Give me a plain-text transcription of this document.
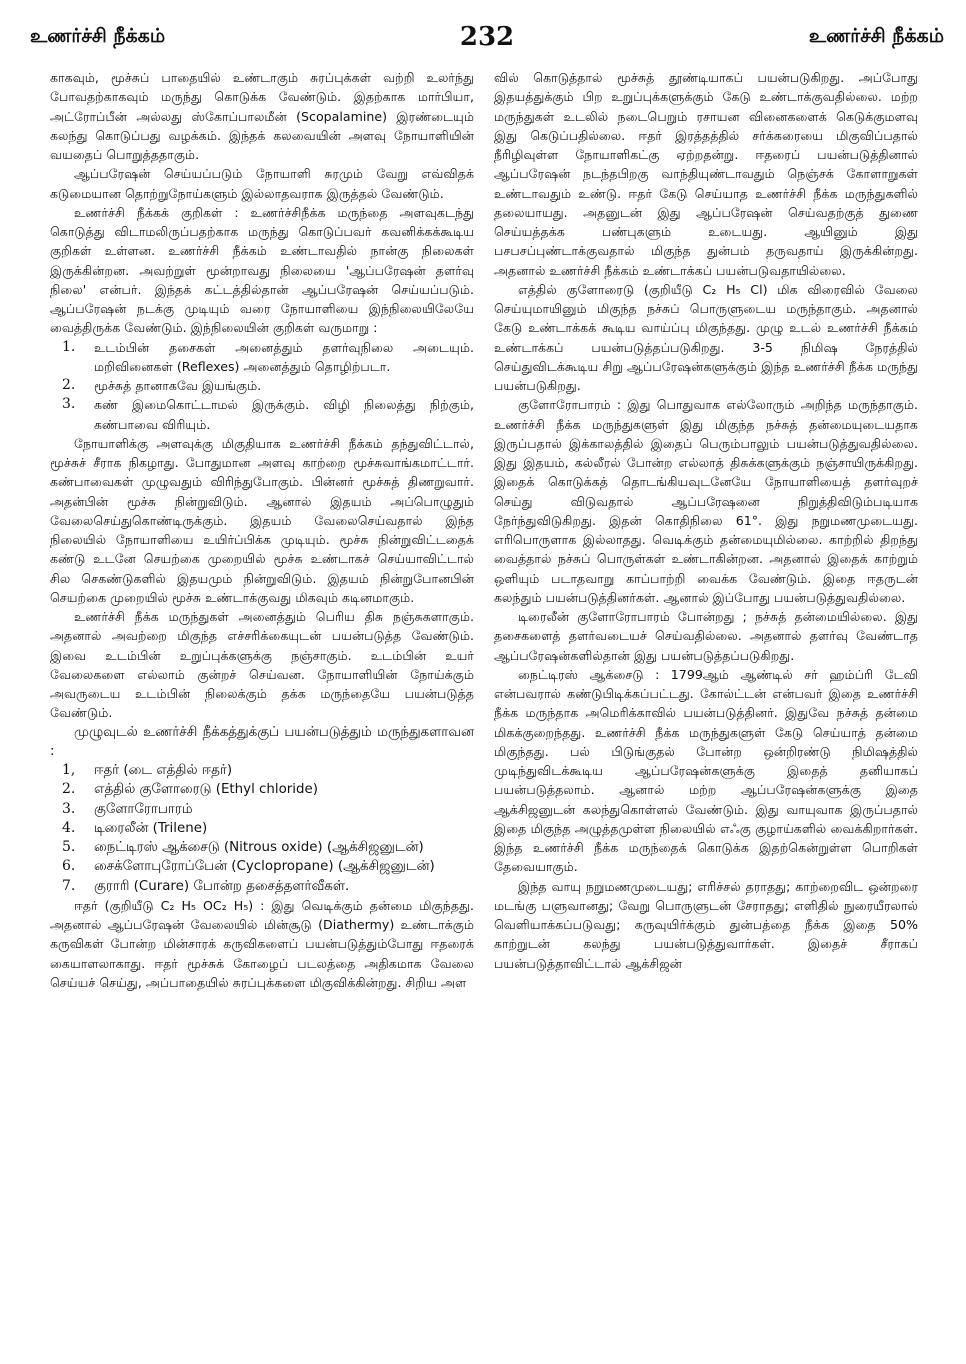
உணர்ச்சி நீக்கம்	232	உணர்ச்சி நீக்கம்

காகவும், மூச்சுப் பாதையில் உண்டாகும் சுரப்புக்கள் வற்றி உலர்ந்து போவதற்காகவும் மருந்து கொடுக்க வேண்டும். இதற்காக மார்பியா, அட்ரோப்பீன் அல்லது ஸ்கோப்பாலமீன் (Scopalamine) இரண்டையும் கலந்து கொடுப்பது வழக்கம். இந்தக் கலவையின் அளவு நோயாளியின் வயதைப் பொறுத்ததாகும்.

ஆப்பரேஷன் செய்யப்படும் நோயாளி சுரமும் வேறு எவ்விதக் கடுமையான தொற்றுநோய்களும் இல்லாதவராக இருத்தல் வேண்டும்.

உணர்ச்சி நீக்கக் குறிகள் : உணர்ச்சிநீக்க மருந்தை அளவுகடந்து கொடுத்து விடாமலிருப்பதற்காக மருந்து கொடுப்பவர் கவனிக்கக்கூடிய குறிகள் உள்ளன. உணர்ச்சி நீக்கம் உண்டாவதில் நான்கு நிலைகள் இருக்கின்றன. அவற்றுள் மூன்றாவது நிலையை 'ஆப்பரேஷன் தளர்வு நிலை' என்பர். இந்தக் கட்டத்தில்தான் ஆப்பரேஷன் செய்யப்படும். ஆப்பரேஷன் நடக்கு முடியும் வரை நோயாளியை இந்நிலையிலேயே வைத்திருக்க வேண்டும். இந்நிலையின் குறிகள் வருமாறு :

1.	உடம்பின் தசைகள் அனைத்தும் தளர்வுநிலை அடையும். மறிவினைகள் (Reflexes) அனைத்தும் தொழிற்படா.
2.	மூச்சுத் தானாகவே இயங்கும்.
3.	கண் இமைகொட்டாமல் இருக்கும். விழி நிலைத்து நிற்கும், கண்பாவை விரியும்.

நோயாளிக்கு அளவுக்கு மிகுதியாக உணர்ச்சி நீக்கம் தந்துவிட்டால், மூச்சுச் சீராக நிகழாது. போதுமான அளவு காற்றை மூச்சுவாங்கமாட்டார். கண்பாவைகள் முழுவதும் விரிந்துபோகும். பின்னர் மூச்சுத் திணறுவார். அதன்பின் மூச்சு நின்றுவிடும். ஆனால் இதயம் அப்பொழுதும் வேலைசெய்துகொண்டிருக்கும். இதயம் வேலைசெய்வதால் இந்த நிலையில் நோயாளியை உயிர்ப்பிக்க முடியும். மூச்சு நின்றுவிட்டதைக் கண்டு உடனே செயற்கை முறையில் மூச்சு உண்டாகச் செய்யாவிட்டால் சில செகண்டுகளில் இதயமும் நின்றுவிடும். இதயம் நின்றுபோனபின் செயற்கை முறையில் மூச்சு உண்டாக்குவது மிகவும் கடினமாகும்.

உணர்ச்சி நீக்க மருந்துகள் அனைத்தும் பெரிய திசு நஞ்சுகளாகும். அதனால் அவற்றை மிகுந்த எச்சரிக்கையுடன் பயன்படுத்த வேண்டும். இவை உடம்பின் உறுப்புக்களுக்கு நஞ்சாகும். உடம்பின் உயர் வேலைகளை எல்லாம் குன்றச் செய்வன. நோயாளியின் நோய்க்கும் அவருடைய உடம்பின் நிலைக்கும் தக்க மருந்தையே பயன்படுத்த வேண்டும்.

முழுவுடல் உணர்ச்சி நீக்கத்துக்குப் பயன்படுத்தும் மருந்துகளாவன :

1,	ஈதர் (டை எத்தில் ஈதர்)
2.	எத்தில் குளோரைடு (Ethyl chloride)
3.	குளோரோபாரம்
4.	டிரைலீன் (Trilene)
5.	நைட்டிரஸ் ஆக்சைடு (Nitrous oxide) (ஆக்சிஜனுடன்)
6.	சைக்ளோபுரோப்பேன் (Cyclopropane) (ஆக்சிஜனுடன்)
7.	குராரி (Curare) போன்ற தசைத்தளர்வீகள்.

ஈதர் (குறியீடு C₂ H₅ OC₂ H₅) : இது வெடிக்கும் தன்மை மிகுந்தது. அதனால் ஆப்பரேஷன் வேலையில் மின்சூடு (Diathermy) உண்டாக்கும் கருவிகள் போன்ற மின்சாரக் கருவிகளைப் பயன்படுத்தும்போது ஈதரைக் கையாளலாகாது. ஈதர் மூச்சுக் கோழைப் படலத்தை அதிகமாக வேலை செய்யச் செய்து, அப்பாதையில் சுரப்புக்களை மிகுவிக்கின்றது. சிறிய அள

வில் கொடுத்தால் மூச்சுத் தூண்டியாகப் பயன்படுகிறது. அப்போது இதயத்துக்கும் பிற உறுப்புக்களுக்கும் கேடு உண்டாக்குவதில்லை. மற்ற மருந்துகள் உடலில் நடைபெறும் ரசாயன வினைகளைக் கெடுக்குமளவு இது கெடுப்பதில்லை. ஈதர் இரத்தத்தில் சர்க்கரையை மிகுவிப்பதால் நீரிழிவுள்ள நோயாளிகட்கு ஏற்றதன்று. ஈதரைப் பயன்படுத்தினால் ஆப்பரேஷன் நடந்தபிறகு வாந்தியுண்டாவதும் நெஞ்சக் கோளாறுகள் உண்டாவதும் உண்டு. ஈதர் கேடு செய்யாத உணர்ச்சி நீக்க மருந்துகளில் தலையாயது. அதனுடன் இது ஆப்பரேஷன் செய்வதற்குத் துணை செய்யத்தக்க பண்புகளும் உடையது. ஆயினும் இது பசபசப்புண்டாக்குவதால் மிகுந்த துன்பம் தருவதாய் இருக்கின்றது. அதனால் உணர்ச்சி நீக்கம் உண்டாக்கப் பயன்படுவதாயில்லை.

எத்தில் குளோரைடு (குறியீடு C₂ H₅ Cl) மிக விரைவில் வேலை செய்யுமாயினும் மிகுந்த நச்சுப் பொருளுடைய மருந்தாகும். அதனால் கேடு உண்டாக்கக் கூடிய வாய்ப்பு மிகுந்தது. முழு உடல் உணர்ச்சி நீக்கம் உண்டாக்கப் பயன்படுத்தப்படுகிறது. 3-5 நிமிஷ நேரத்தில் செய்துவிடக்கூடிய சிறு ஆப்பரேஷன்களுக்கும் இந்த உணர்ச்சி நீக்க மருந்து பயன்படுகிறது.

குளோரோபாரம் : இது பொதுவாக எல்லோரும் அறிந்த மருந்தாகும். உணர்ச்சி நீக்க மருந்துகளுள் இது மிகுந்த நச்சுத் தன்மையுடையதாக இருப்பதால் இக்காலத்தில் இதைப் பெரும்பாலும் பயன்படுத்துவதில்லை. இது இதயம், கல்லீரல் போன்ற எல்லாத் திசுக்களுக்கும் நஞ்சாயிருக்கிறது. இதைக் கொடுக்கத் தொடங்கியவுடனேயே நோயாளியைத் தளர்வுறச் செய்து விடுவதால் ஆப்பரேஷனை நிறுத்திவிடும்படியாக நேர்ந்துவிடுகிறது. இதன் கொதிநிலை 61°. இது நறுமணமுடையது. எரிபொருளாக இல்லாதது. வெடிக்கும் தன்மையுமில்லை. காற்றில் திறந்து வைத்தால் நச்சுப் பொருள்கள் உண்டாகின்றன. அதனால் இதைக் காற்றும் ஒளியும் படாதவாறு காப்பாற்றி வைக்க வேண்டும். இதை ஈதருடன் கலந்தும் பயன்படுத்தினர்கள். ஆனால் இப்போது பயன்படுத்துவதில்லை.

டிரைலீன் குளோரோபாரம் போன்றது ; நச்சுத் தன்மையில்லை. இது தசைகளைத் தளர்வடையச் செய்வதில்லை. அதனால் தளர்வு வேண்டாத ஆப்பரேஷன்களில்தான் இது பயன்படுத்தப்படுகிறது.

நைட்டிரஸ் ஆக்சைடு : 1799ஆம் ஆண்டில் சர் ஹம்ப்ரி டேவி என்பவரால் கண்டுபிடிக்கப்பட்டது. கோல்ட்டன் என்பவர் இதை உணர்ச்சி நீக்க மருந்தாக அமெரிக்காவில் பயன்படுத்தினர். இதுவே நச்சுத் தன்மை மிகக்குறைந்தது. உணர்ச்சி நீக்க மருந்துகளுள் கேடு செய்யாத் தன்மை மிகுந்தது. பல் பிடுங்குதல் போன்ற ஒன்றிரண்டு நிமிஷத்தில் முடிந்துவிடக்கூடிய ஆப்பரேஷன்களுக்கு இதைத் தனியாகப் பயன்படுத்தலாம். ஆனால் மற்ற ஆப்பரேஷன்களுக்கு இதை ஆக்சிஜனுடன் கலந்துகொள்ளல் வேண்டும். இது வாயுவாக இருப்பதால் இதை மிகுந்த அழுத்தமுள்ள நிலையில் எஃகு குழாய்களில் வைக்கிறார்கள். இந்த உணர்ச்சி நீக்க மருந்தைக் கொடுக்க இதற்கென்றுள்ள பொறிகள் தேவையாகும்.

இந்த வாயு நறுமணமுடையது; எரிச்சல் தராதது; காற்றைவிட ஒன்றரை மடங்கு பளுவானது; வேறு பொருளுடன் சேராதது; எளிதில் நுரையீரலால் வெளியாக்கப்படுவது; கருவுயிர்க்கும் துன்பத்தை நீக்க இதை 50% காற்றுடன் கலந்து பயன்படுத்துவார்கள். இதைச் சீராகப் பயன்படுத்தாவிட்டால் ஆக்சிஜன்
